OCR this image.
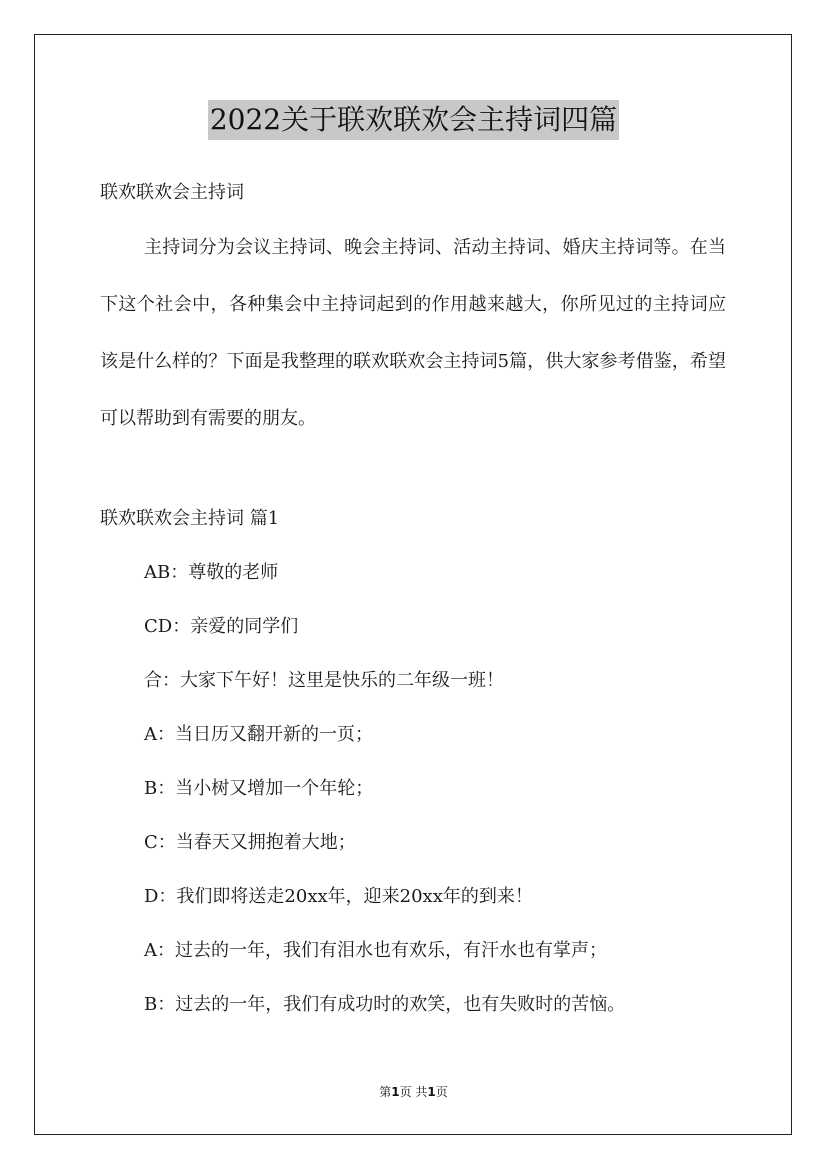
2022关于联欢联欢会主持词四篇
联欢联欢会主持词
主持词分为会议主持词、晚会主持词、活动主持词、婚庆主持词等。在当下这个社会中，各种集会中主持词起到的作用越来越大，你所见过的主持词应该是什么样的？下面是我整理的联欢联欢会主持词5篇，供大家参考借鉴，希望可以帮助到有需要的朋友。
联欢联欢会主持词 篇1
AB：尊敬的老师
CD：亲爱的同学们
合：大家下午好！这里是快乐的二年级一班！
A：当日历又翻开新的一页；
B：当小树又增加一个年轮；
C：当春天又拥抱着大地；
D：我们即将送走20xx年，迎来20xx年的到来！
A：过去的一年，我们有泪水也有欢乐，有汗水也有掌声；
B：过去的一年，我们有成功时的欢笑，也有失败时的苦恼。
第1页 共1页
